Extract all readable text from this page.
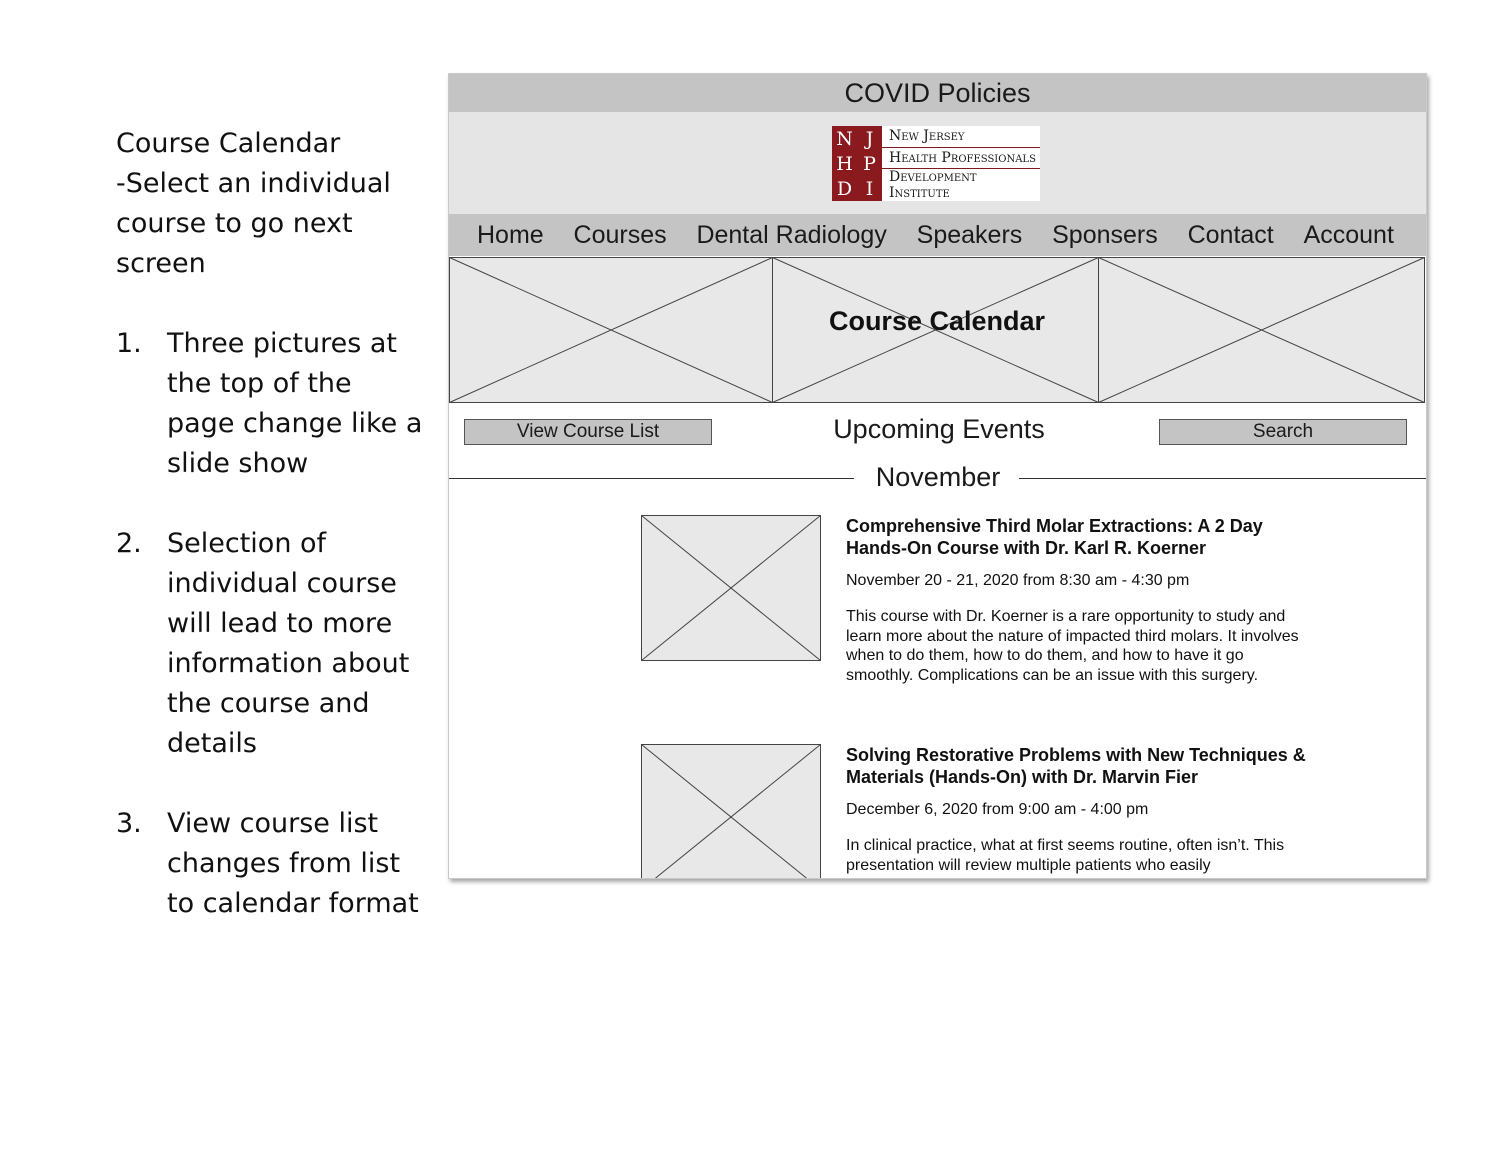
Course Calendar

-Select an individual course to go next screen

1. Three pictures at the top of the page change like a slide show
2. Selection of individual course will lead to more information about the course and details
3. View course list changes from list to calendar format
COVID Policies
N J
H P
D I
New Jersey
Health Professionals
Development Institute
Home Courses Dental Radiology Speakers Sponsers Contact Account
Course Calendar
Upcoming Events
View Course List	Search
November
Comprehensive Third Molar Extractions: A 2 Day Hands-On Course with Dr. Karl R. Koerner
November 20 - 21, 2020 from 8:30 am - 4:30 pm
This course with Dr. Koerner is a rare opportunity to study and learn more about the nature of impacted third molars. It involves when to do them, how to do them, and how to have it go smoothly. Complications can be an issue with this surgery.
Solving Restorative Problems with New Techniques & Materials (Hands-On) with Dr. Marvin Fier
December 6, 2020 from 9:00 am - 4:00 pm
In clinical practice, what at first seems routine, often isn’t. This presentation will review multiple patients who easily
